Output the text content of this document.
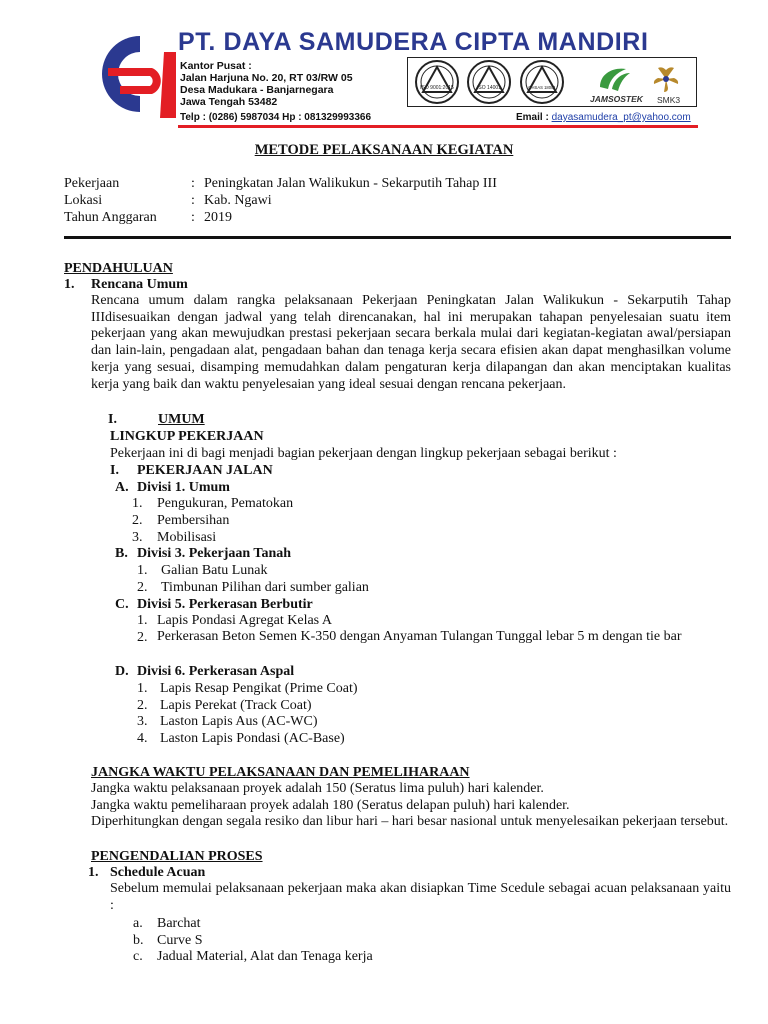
PT. DAYA SAMUDERA CIPTA MANDIRI
Kantor Pusat :
Jalan Harjuna No. 20, RT 03/RW 05
Desa Madukara - Banjarnegara
Jawa Tengah 53482
Telp : (0286) 5987034 Hp : 081329993366	Email : dayasamudera_pt@yahoo.com
ISO 9001:2015	ISO 14001	OHSAS 18001
JAMSOSTEK SMK3
METODE PELAKSANAAN KEGIATAN
Pekerjaan	: Peningkatan Jalan Walikukun - Sekarputih Tahap III
Lokasi	: Kab. Ngawi
Tahun Anggaran : 2019
PENDAHULUAN
1. Rencana Umum
Rencana umum dalam rangka pelaksanaan Pekerjaan Peningkatan Jalan Walikukun - Sekarputih Tahap IIIdisesuaikan dengan jadwal yang telah direncanakan, hal ini merupakan tahapan penyelesaian suatu item pekerjaan yang akan mewujudkan prestasi pekerjaan secara berkala mulai dari kegiatan-kegiatan awal/persiapan dan lain-lain, pengadaan alat, pengadaan bahan dan tenaga kerja secara efisien akan dapat menghasilkan volume kerja yang sesuai, disamping memudahkan dalam pengaturan kerja dilapangan dan akan menciptakan kualitas kerja yang baik dan waktu penyelesaian yang ideal sesuai dengan rencana pekerjaan.
I.	UMUM
LINGKUP PEKERJAAN
Pekerjaan ini di bagi menjadi bagian pekerjaan dengan lingkup pekerjaan sebagai berikut :
I. PEKERJAAN JALAN
A. Divisi 1. Umum
1. Pengukuran, Pematokan
2. Pembersihan
3. Mobilisasi
B. Divisi 3. Pekerjaan Tanah
1. Galian Batu Lunak
2. Timbunan Pilihan dari sumber galian
C. Divisi 5. Perkerasan Berbutir
1. Lapis Pondasi Agregat Kelas A
2. Perkerasan Beton Semen K-350 dengan Anyaman Tulangan Tunggal lebar 5 m dengan tie bar
D. Divisi 6. Perkerasan Aspal
1. Lapis Resap Pengikat (Prime Coat)
2. Lapis Perekat (Track Coat)
3. Laston Lapis Aus (AC-WC)
4. Laston Lapis Pondasi (AC-Base)
JANGKA WAKTU PELAKSANAAN DAN PEMELIHARAAN
Jangka waktu pelaksanaan proyek adalah 150 (Seratus lima puluh) hari kalender.
Jangka waktu pemeliharaan proyek adalah 180 (Seratus delapan puluh) hari kalender.
Diperhitungkan dengan segala resiko dan libur hari – hari besar nasional untuk menyelesaikan pekerjaan tersebut.
PENGENDALIAN PROSES
1. Schedule Acuan
Sebelum memulai pelaksanaan pekerjaan maka akan disiapkan Time Scedule sebagai acuan pelaksanaan yaitu :
a. Barchat
b. Curve S
c. Jadual Material, Alat dan Tenaga kerja
